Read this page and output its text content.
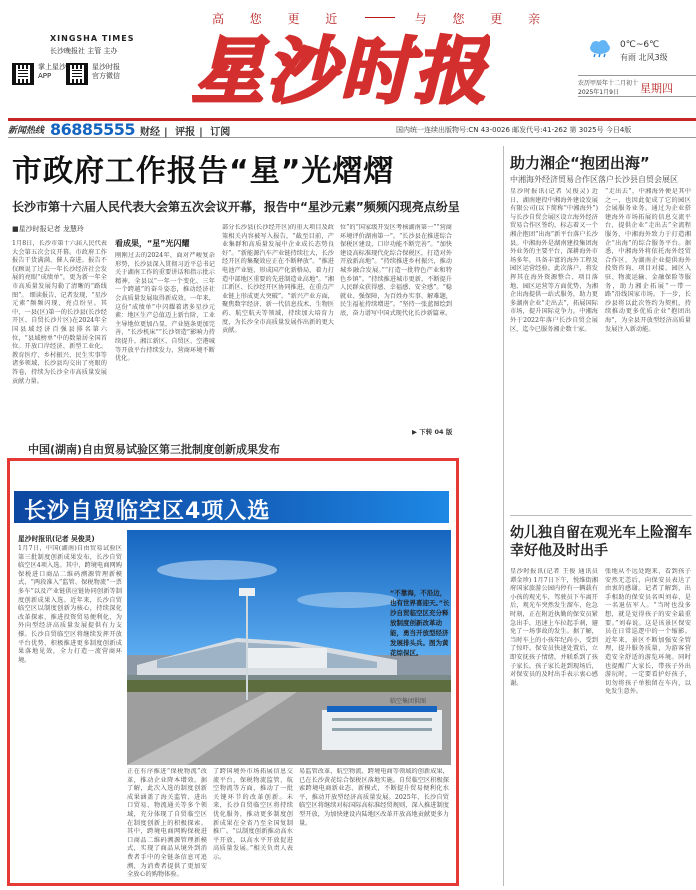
高 您 更 近	与 您 更 亲
XINGSHA TIMES
长沙晚报社 主管 主办
掌上星沙
APP
星沙时报
官方微信 星沙时报	0℃~6℃
有雨 北风3级
农历甲辰年十二月初十
2025年1月9日 星期四
新闻热线 86885555 财经 | 评报 | 订阅	国内统一连续出版物号:CN 43-0026 邮发代号:41-262 第 3025号 今日4版
市政府工作报告“星”光熠熠
长沙市第十六届人民代表大会第五次会议开幕，报告中“星沙元素”频频闪现亮点纷呈
■星沙时报记者 龙慧玲
1月8日，长沙市第十六届人民代表大会第五次会议开幕。市政府工作报告干货满满、催人奋进。报告不仅顾说了过去一年长沙经济社会发展的亮眼“成绩单”，更为新一年全市高质量发展勾勒了清晰的“路线图”。 细读报告，记者发现，“星沙元素”频频闪现、亮点纷呈。其中，一县(区)第一的长沙县(长沙经开区、自贸长沙片区)在2024年全国县域经济百强县排名第六位，“县域榜单”中的数量居全国首位。开放口岸经济、新型工业化、教育医疗、乡村振兴、民生实事等诸多领域，长沙县均交出了亮眼的答卷，持续为长沙全市高质量发展贡献力量。
看成果，“星”光闪耀
刚刚过去的2024年，面对严峻复杂形势，长沙县深入贯彻习近平总书记关于湖南工作的重要讲话和指示批示精神，全县以“一年一个变化、三年一个跨越”的奋斗姿态，推动经济社会高质量发展取得新成效。一年来，这份“成绩单”中闪耀着诸多星沙元素：地区生产总值迈上新台阶，工业主导地位更加凸显，产业链条更加完善，“长沙机床”“长沙智造”影响力持续提升。湘江新区、自贸区、空港城等开放平台持续发力，营商环境不断优化。
部分长沙县(长沙经开区)的重大项目及政策相关内容被写入报告，“截至目前，产业集群和高质量发展中企业成长态势良好”。“新能源汽车产业链持续壮大，长沙经开区的集聚效应正在不断释放”。“推进电池产业链，形成国产化新格局，着力打造中部地区重要的先进制造业高地”。“湘江新区、长沙经开区协同推进，在重点产业链上形成更大突破”。“新兴产业方面，聚焦数字经济、新一代信息技术、生物医药、航空航天等领域，持续加大培育力度，为长沙全市高质量发展作出新的更大贡献。
位”的“国家级开发区考核湖南第一”“营商环境评价湖南第一”。“长沙县在推进综合保税区建设，口岸功能不断完善”。“加快建设高标准现代化综合保税区，打造对外开放新高地”。“持续推进乡村振兴，推动城乡融合发展。”“打造一批特色产业和特色乡镇”。“持续推进城市更新，不断提升人民群众获得感、幸福感、安全感”。“稳就业、强保障，为百姓办实事、解难题，民生福祉持续增进”。“坚持一张蓝图绘到底，奋力谱写中国式现代化长沙新篇章。
▶ 下转 04 版
助力湘企“抱团出海”
中湘海外经济贸易合作区落户长沙县自贸会展区
星沙时报讯(记者 吴俊灵) 近日，湖南建投中湘海外建设发展有限公司(以下简称“中湘海外”)与长沙自贸会展区设立海外经济贸易合作区签约，标志着又一个湘企抱团“出海”新平台落户长沙县。中湘海外是湖南建投集团海外业务的主要平台，深耕海外市场多年，具备丰富的海外工程及园区运营经验。此次落户，将发挥其在海外资源整合、项目落地、园区运营等方面优势，为湘企出海提供一站式服务，助力更多湖南企业“走出去”，拓展国际市场，提升国际竞争力。中湘海外于2022年落户长沙自贸会展区，迄今已服务湘企数十家。
“走出去”，中湘海外便是其中之一，也因此促成了它的园区会展服务业务。通过为企业搭建海外市场拓展的信息交流平台，提供企业“走出去”全流程服务，中湘海外致力于打造湘企“出海”的综合服务平台。据悉，中湘海外将依托海外经贸合作区，为湖南企业提供海外投资咨询、项目对接、园区入驻、物流运输、金融保险等服务，助力湘企拓展“一带一路”沿线国家市场。下一步，长沙县将以此次签约为契机，持续推动更多优质企业“抱团出海”，为全县开放型经济高质量发展注入新动能。
幼儿独自留在观光车上险溜车
幸好他及时出手
星沙时报讯(记者 王俊 通讯员 谭金珍) 1月7日下午，悦维街湘府国家旅游公园内停有一辆载有小孩的观光车，驾驶员下车离开后，观光车突然发生溜车，危急时刻，正在附近执勤的保安员紧急出手，迅速上车拉起手刹，避免了一场事故的发生。据了解，当时车上的小孩年纪尚小，受到了惊吓。保安员快速处置后，立即安抚孩子情绪，并联系到了孩子家长。孩子家长赶到现场后，对保安员的及时出手表示衷心感谢。
张地从不远处跑来，看到孩子安然无恙后，向保安员表达了由衷的感谢。记者了解到，出手相助的保安员名叫刘春，是一名退伍军人。“当时也没多想，就是觉得孩子的安全最重要。”刘春说。这是该景区保安员在日常巡逻中的一个缩影。近年来，景区不断加强安全管理，提升服务质量，为游客营造安全舒适的游览环境。同时也提醒广大家长，带孩子外出游玩时，一定要看护好孩子，切勿将孩子单独留在车内，以免发生意外。
中国(湖南)自由贸易试验区第三批制度创新成果发布
长沙自贸临空区4项入选
星沙时报讯(记者 吴俊灵)
1月7日，中国(湖南)自由贸易试验区第三批制度创新成果发布，长沙自贸临空区4项入选。其中，跨境电商网购保税进口商品二维码溯源管理新模式、“两段准入”监管、保税物流“一票多车”以及产业链供应链协同创新等制度创新成果入选。近年来，长沙自贸临空区以制度创新为核心，持续深化改革探索，推进投资贸易便利化，为外向型经济高质量发展提供有力支撑。长沙自贸临空区将继续发挥开放平台优势，积极推进更多制度创新成果落地见效，全力打造一流营商环境。
“不靠海，不沿边，也有世界喜迎天。”长沙自贸临空区充分释放制度创新改革动能，勇当开放型经济发展排头兵。图为黄花综保区。
临空集团供图
正在有序推进“保税物流”改革，推动企业降本增效。据了解，此次入选的制度创新成果涵盖了海关监管、进出口贸易、物流通关等多个领域，充分体现了自贸临空区在制度创新上的积极探索。其中，跨境电商网购保税进口商品二维码溯源管理新模式，实现了商品从境外到消费者手中的全链条信息可追溯，为消费者提供了更加安全放心的购物体验。
了跨国境外市场拓展信息交流平台，保税物流监管、航空物流等方面，推动了一批关键环节的改革创新。未来，长沙自贸临空区将持续优化服务，推动更多制度创新成果在全省乃至全国复制推广。“以制度创新推动高水平开放，以高水平开放促进高质量发展。”相关负责人表示。
易监管改革，航空物流、跨境电商等领域的创新成果，已在长沙黄花综合保税区落地实施。自贸临空区积极探索跨境电商新业态、新模式，不断提升贸易便利化水平，推动开放型经济高质量发展。2025年，长沙自贸临空区将继续对标国际高标准经贸规则，深入推进制度型开放，为加快建设内陆地区改革开放高地贡献更多力量。
